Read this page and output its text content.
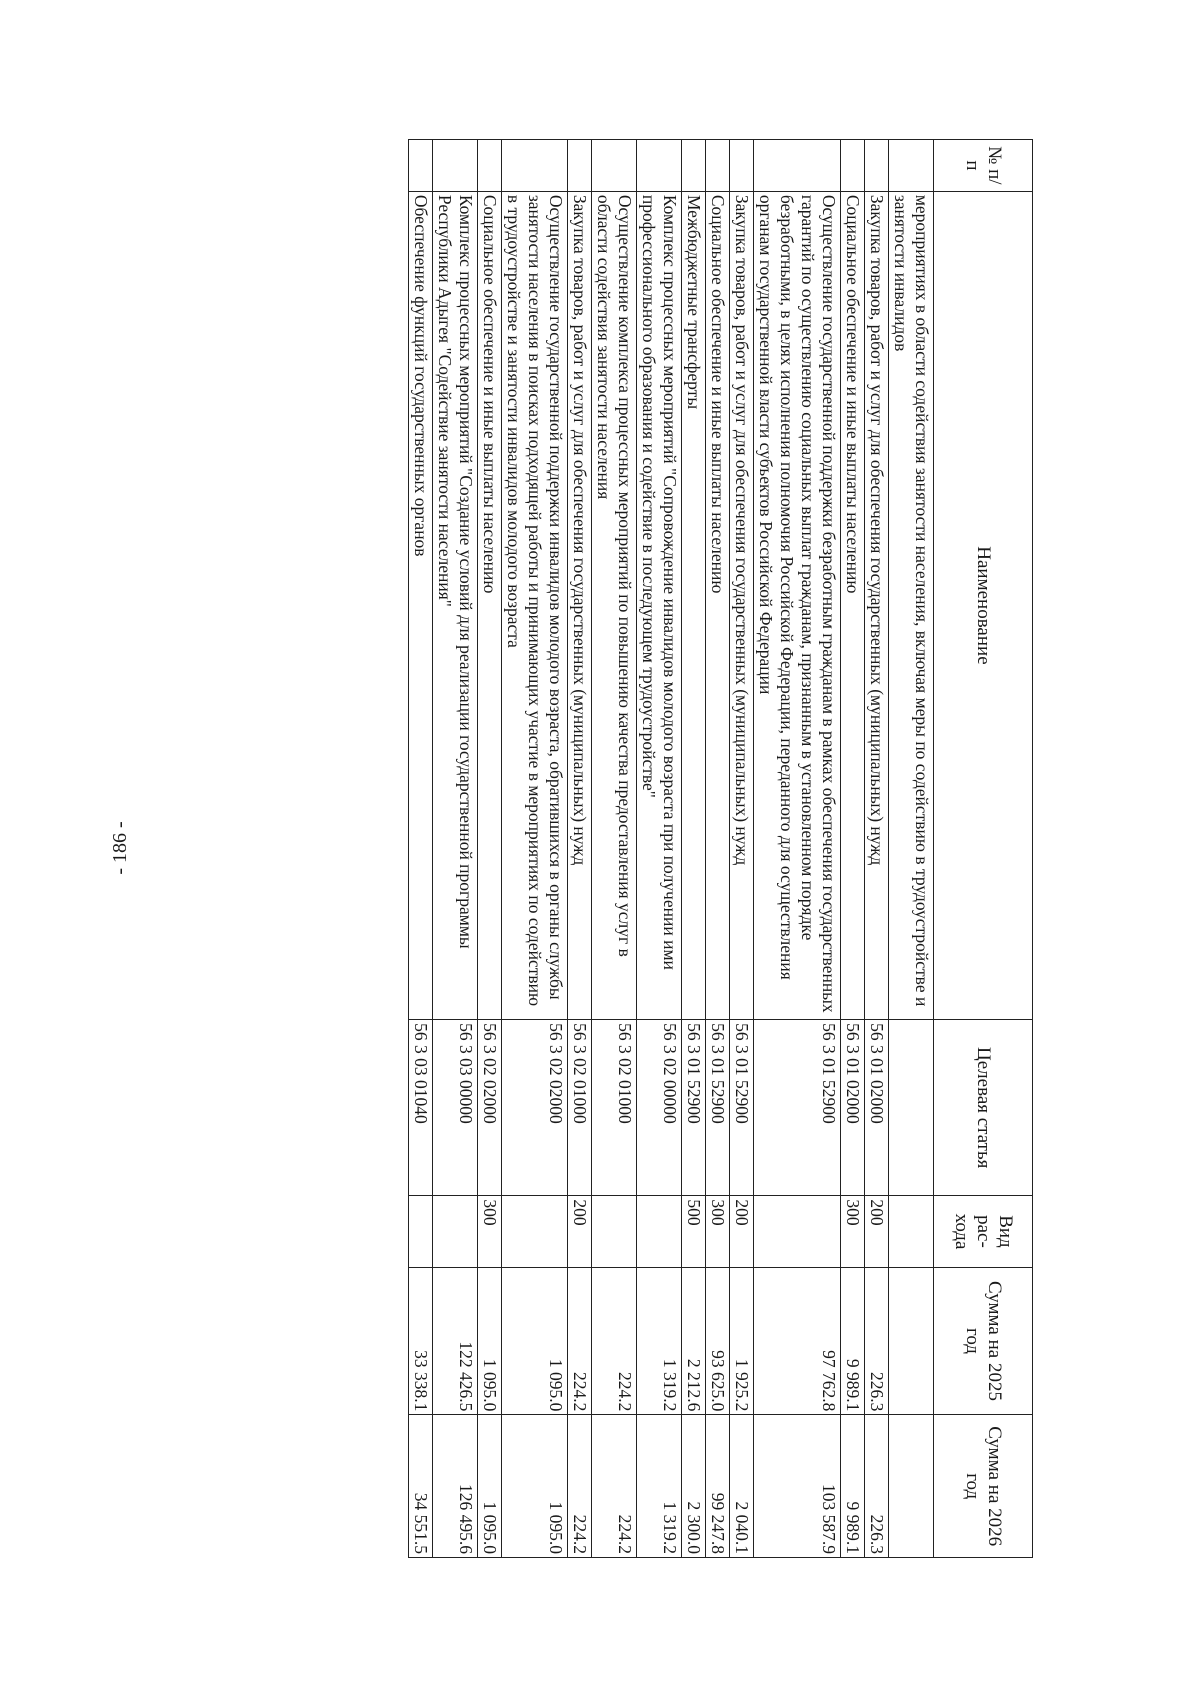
- 186 -
№ п/п	Наименование	Целевая статья	Вид рас-хода	Сумма на 2025 год	Сумма на 2026 год
	мероприятиях в области содействия занятости населения, включая меры по содействию в трудоустройстве и занятости инвалидов				
	Закупка товаров, работ и услуг для обеспечения государственных (муниципальных) нужд	56 3 01 02000	200	226.3	226.3
	Социальное обеспечение и иные выплаты населению	56 3 01 02000	300	9 989.1	9 989.1
	Осуществление государственной поддержки безработным гражданам в рамках обеспечения государственных гарантий по осуществлению социальных выплат гражданам, признанным в установленном порядке безработными, в целях исполнения полномочия Российской Федерации, переданного для осуществления органам государственной власти субъектов Российской Федерации	56 3 01 52900		97 762.8	103 587.9
	Закупка товаров, работ и услуг для обеспечения государственных (муниципальных) нужд	56 3 01 52900	200	1 925.2	2 040.1
	Социальное обеспечение и иные выплаты населению	56 3 01 52900	300	93 625.0	99 247.8
	Межбюджетные трансферты	56 3 01 52900	500	2 212.6	2 300.0
	Комплекс процессных мероприятий "Сопровождение инвалидов молодого возраста при получении ими профессионального образования и содействие в последующем трудоустройстве"	56 3 02 00000		1 319.2	1 319.2
	Осуществление комплекса процессных мероприятий по повышению качества предоставления услуг в области содействия занятости населения	56 3 02 01000		224.2	224.2
	Закупка товаров, работ и услуг для обеспечения государственных (муниципальных) нужд	56 3 02 01000	200	224.2	224.2
	Осуществление государственной поддержки инвалидов молодого возраста, обратившихся в органы службы занятости населения в поисках подходящей работы и принимающих участие в мероприятиях по содействию в трудоустройстве и занятости инвалидов молодого возраста	56 3 02 02000		1 095.0	1 095.0
	Социальное обеспечение и иные выплаты населению	56 3 02 02000	300	1 095.0	1 095.0
	Комплекс процессных мероприятий "Создание условий для реализации государственной программы Республики Адыгея "Содействие занятости населения"	56 3 03 00000		122 426.5	126 495.6
	Обеспечение функций государственных органов	56 3 03 01040		33 338.1	34 551.5
